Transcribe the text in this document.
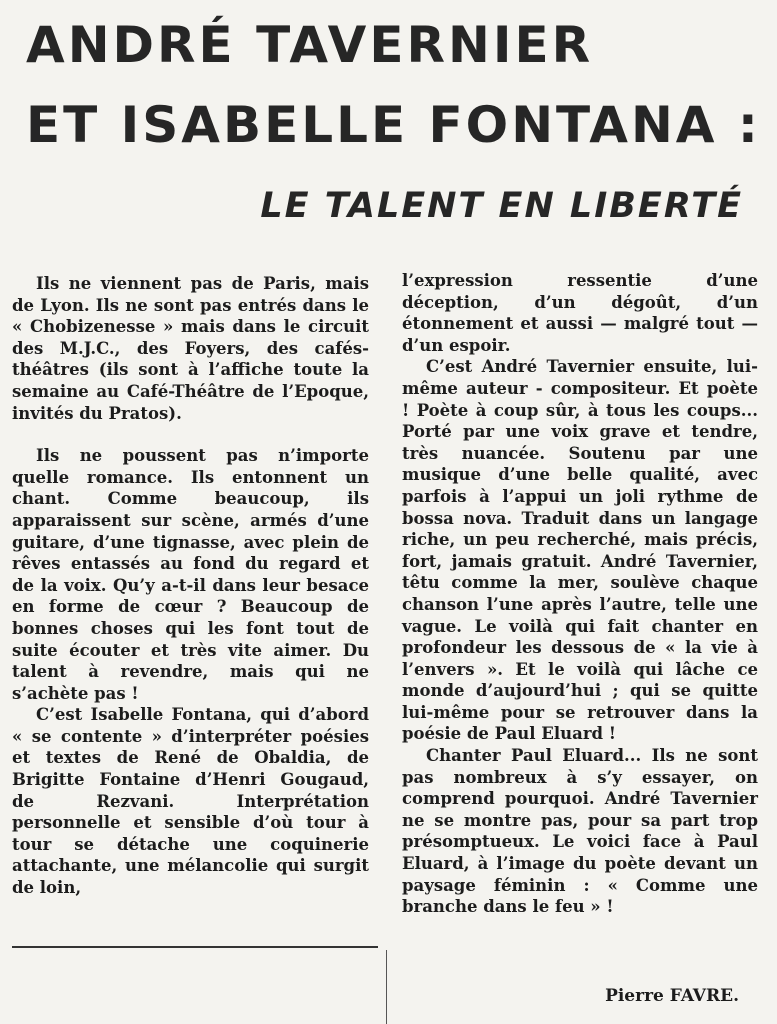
ANDRÉ TAVERNIER
ET ISABELLE FONTANA :
LE TALENT EN LIBERTÉ

Ils ne viennent pas de Paris, mais de Lyon. Ils ne sont pas entrés dans le « Chobizenesse » mais dans le circuit des M.J.C., des Foyers, des cafés-théâtres (ils sont à l’affiche toute la semaine au Café-Théâtre de l’Epoque, invités du Pratos).

Ils ne poussent pas n’importe quelle romance. Ils entonnent un chant. Comme beaucoup, ils apparaissent sur scène, armés d’une guitare, d’une tignasse, avec plein de rêves entassés au fond du regard et de la voix. Qu’y a-t-il dans leur besace en forme de cœur ? Beaucoup de bonnes choses qui les font tout de suite écouter et très vite aimer. Du talent à revendre, mais qui ne s’achète pas !

C’est Isabelle Fontana, qui d’abord « se contente » d’interpréter poésies et textes de René de Obaldia, de Brigitte Fontaine d’Henri Gougaud, de Rezvani. Interprétation personnelle et sensible d’où tour à tour se détache une coquinerie attachante, une mélancolie qui surgit de loin,

l’expression ressentie d’une déception, d’un dégoût, d’un étonnement et aussi — malgré tout — d’un espoir.

C’est André Tavernier ensuite, lui-même auteur - compositeur. Et poète ! Poète à coup sûr, à tous les coups... Porté par une voix grave et tendre, très nuancée. Soutenu par une musique d’une belle qualité, avec parfois à l’appui un joli rythme de bossa nova. Traduit dans un langage riche, un peu recherché, mais précis, fort, jamais gratuit. André Tavernier, têtu comme la mer, soulève chaque chanson l’une après l’autre, telle une vague. Le voilà qui fait chanter en profondeur les dessous de « la vie à l’envers ». Et le voilà qui lâche ce monde d’aujourd’hui ; qui se quitte lui-même pour se retrouver dans la poésie de Paul Eluard !

Chanter Paul Eluard... Ils ne sont pas nombreux à s’y essayer, on comprend pourquoi. André Tavernier ne se montre pas, pour sa part trop présomptueux. Le voici face à Paul Eluard, à l’image du poète devant un paysage féminin : « Comme une branche dans le feu » !

Pierre FAVRE.
